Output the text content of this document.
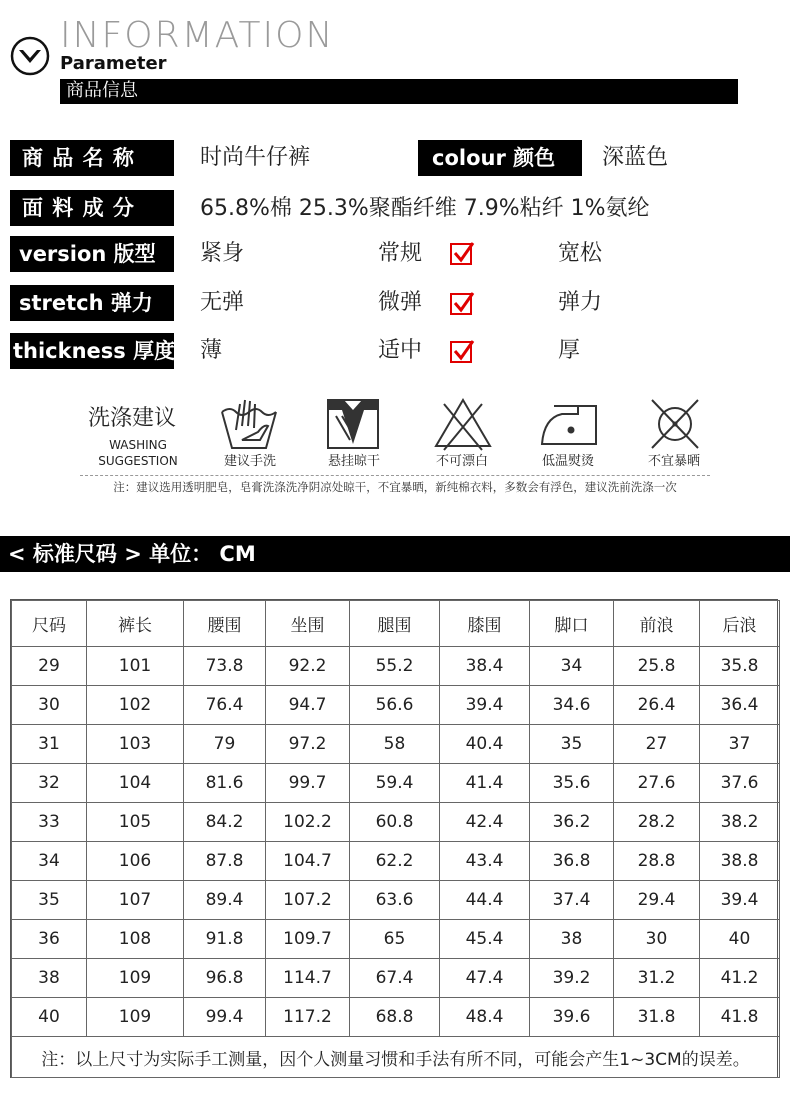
INFORMATION
Parameter
商品信息
商 品 名 称	时尚牛仔裤	colour 颜色	深蓝色
面 料 成 分	65.8%棉 25.3%聚酯纤维 7.9%粘纤 1%氨纶
version 版型	紧身	常规	宽松
stretch 弹力	无弹	微弹	弹力
thickness 厚度 薄	适中	厚
洗涤建议
WASHING
SUGGESTION	建议手洗	悬挂晾干	不可漂白	低温熨烫	不宜暴晒
注：建议选用透明肥皂，皂膏洗涤洗净阴凉处晾干，不宜暴晒，新纯棉衣料，多数会有浮色，建议洗前洗涤一次
< 标准尺码 > 单位： CM
尺码	裤长	腰围	坐围	腿围	膝围	脚口	前浪	后浪
29	101	73.8	92.2	55.2	38.4	34	25.8	35.8
30	102	76.4	94.7	56.6	39.4	34.6	26.4	36.4
31	103	79	97.2	58	40.4	35	27	37
32	104	81.6	99.7	59.4	41.4	35.6	27.6	37.6
33	105	84.2	102.2	60.8	42.4	36.2	28.2	38.2
34	106	87.8	104.7	62.2	43.4	36.8	28.8	38.8
35	107	89.4	107.2	63.6	44.4	37.4	29.4	39.4
36	108	91.8	109.7	65	45.4	38	30	40
38	109	96.8	114.7	67.4	47.4	39.2	31.2	41.2
40	109	99.4	117.2	68.8	48.4	39.6	31.8	41.8
注：以上尺寸为实际手工测量，因个人测量习惯和手法有所不同，可能会产生1~3CM的误差。								
